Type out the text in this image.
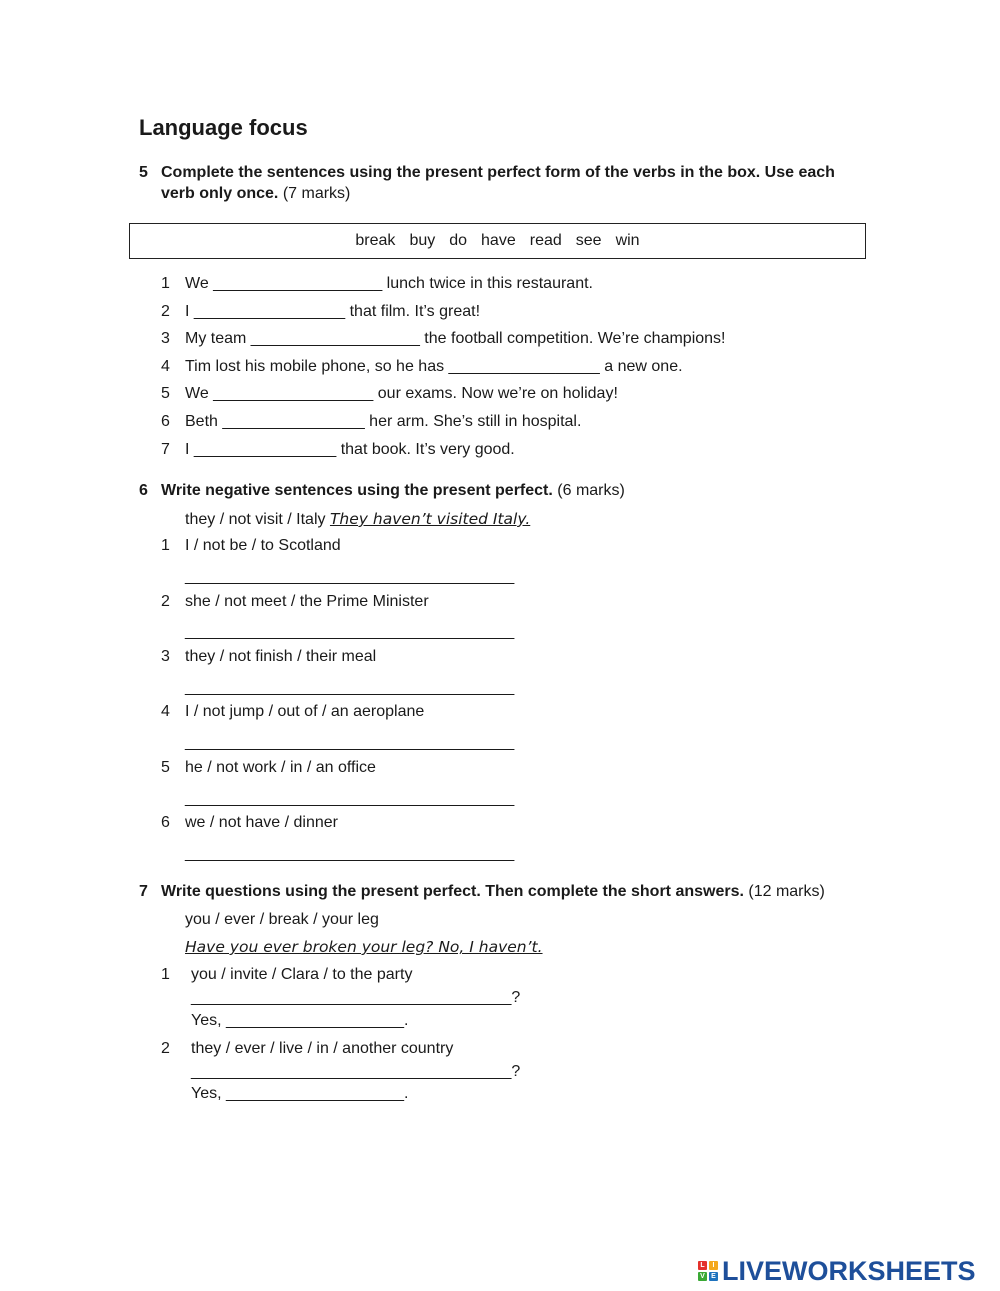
Language focus
5 Complete the sentences using the present perfect form of the verbs in the box. Use each
verb only once. (7 marks)
break buy do have read see win
1 We ___________________ lunch twice in this restaurant.
2 I _________________ that film. It’s great!
3 My team ___________________ the football competition. We’re champions!
4 Tim lost his mobile phone, so he has _________________ a new one.
5 We __________________ our exams. Now we’re on holiday!
6 Beth ________________ her arm. She’s still in hospital.
7 I ________________ that book. It’s very good.
6 Write negative sentences using the present perfect. (6 marks)
they / not visit / Italy They haven’t visited Italy.
1 I / not be / to Scotland
_____________________________________
2 she / not meet / the Prime Minister
_____________________________________
3 they / not finish / their meal
_____________________________________
4 I / not jump / out of / an aeroplane
_____________________________________
5 he / not work / in / an office
_____________________________________
6 we / not have / dinner
_____________________________________
7 Write questions using the present perfect. Then complete the short answers. (12 marks)
you / ever / break / your leg
Have you ever broken your leg? No, I haven’t.
1	you / invite / Clara / to the party
____________________________________?
Yes, ____________________.
2	they / ever / live / in / another country
____________________________________?
Yes, ____________________.
L	I
V E LIVEWORKSHEETS
